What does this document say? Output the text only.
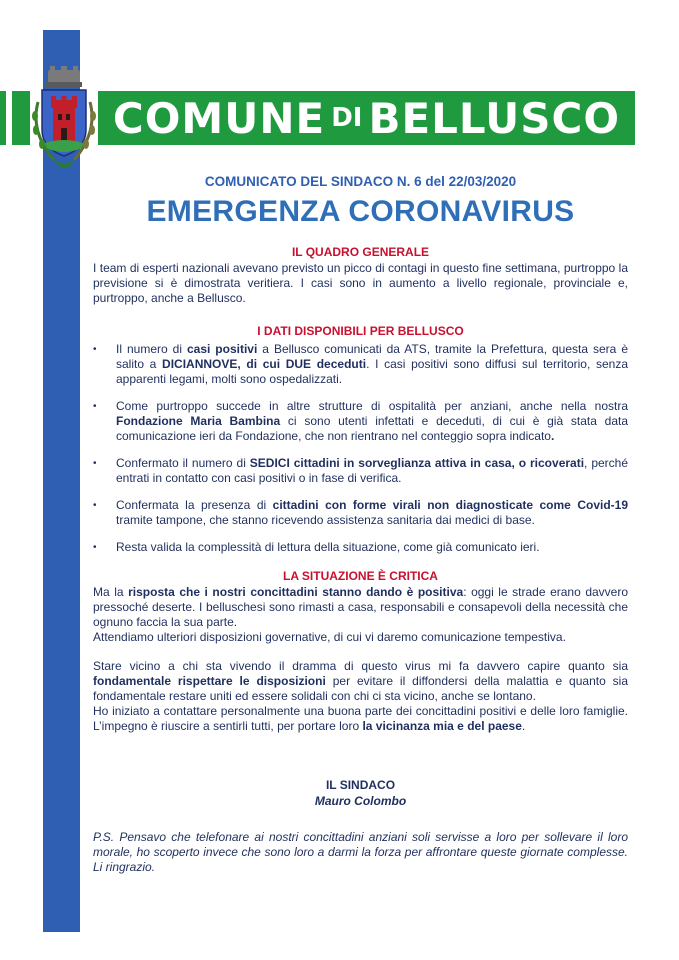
COMUNE DI BELLUSCO
COMUNICATO DEL SINDACO N. 6 del 22/03/2020
EMERGENZA CORONAVIRUS
IL QUADRO GENERALE

I team di esperti nazionali avevano previsto un picco di contagi in questo fine settimana, purtroppo la previsione si è dimostrata veritiera. I casi sono in aumento a livello regionale, provinciale e, purtroppo, anche a Bellusco.

I DATI DISPONIBILI PER BELLUSCO
• Il numero di casi positivi a Bellusco comunicati da ATS, tramite la Prefettura, questa sera è salito a DICIANNOVE, di cui DUE deceduti. I casi positivi sono diffusi sul territorio, senza apparenti legami, molti sono ospedalizzati.
• Come purtroppo succede in altre strutture di ospitalità per anziani, anche nella nostra Fondazione Maria Bambina ci sono utenti infettati e deceduti, di cui è già stata data comunicazione ieri da Fondazione, che non rientrano nel conteggio sopra indicato.
• Confermato il numero di SEDICI cittadini in sorveglianza attiva in casa, o ricoverati, perché entrati in contatto con casi positivi o in fase di verifica.
• Confermata la presenza di cittadini con forme virali non diagnosticate come Covid-19 tramite tampone, che stanno ricevendo assistenza sanitaria dai medici di base.
• Resta valida la complessità di lettura della situazione, come già comunicato ieri.
LA SITUAZIONE È CRITICA

Ma la risposta che i nostri concittadini stanno dando è positiva: oggi le strade erano davvero pressoché deserte. I belluschesi sono rimasti a casa, responsabili e consapevoli della necessità che ognuno faccia la sua parte.

Attendiamo ulteriori disposizioni governative, di cui vi daremo comunicazione tempestiva.

Stare vicino a chi sta vivendo il dramma di questo virus mi fa davvero capire quanto sia fondamentale rispettare le disposizioni per evitare il diffondersi della malattia e quanto sia fondamentale restare uniti ed essere solidali con chi ci sta vicino, anche se lontano.

Ho iniziato a contattare personalmente una buona parte dei concittadini positivi e delle loro famiglie. L’impegno è riuscire a sentirli tutti, per portare loro la vicinanza mia e del paese.

IL SINDACO
Mauro Colombo

P.S. Pensavo che telefonare ai nostri concittadini anziani soli servisse a loro per sollevare il loro morale, ho scoperto invece che sono loro a darmi la forza per affrontare queste giornate complesse. Li ringrazio.
